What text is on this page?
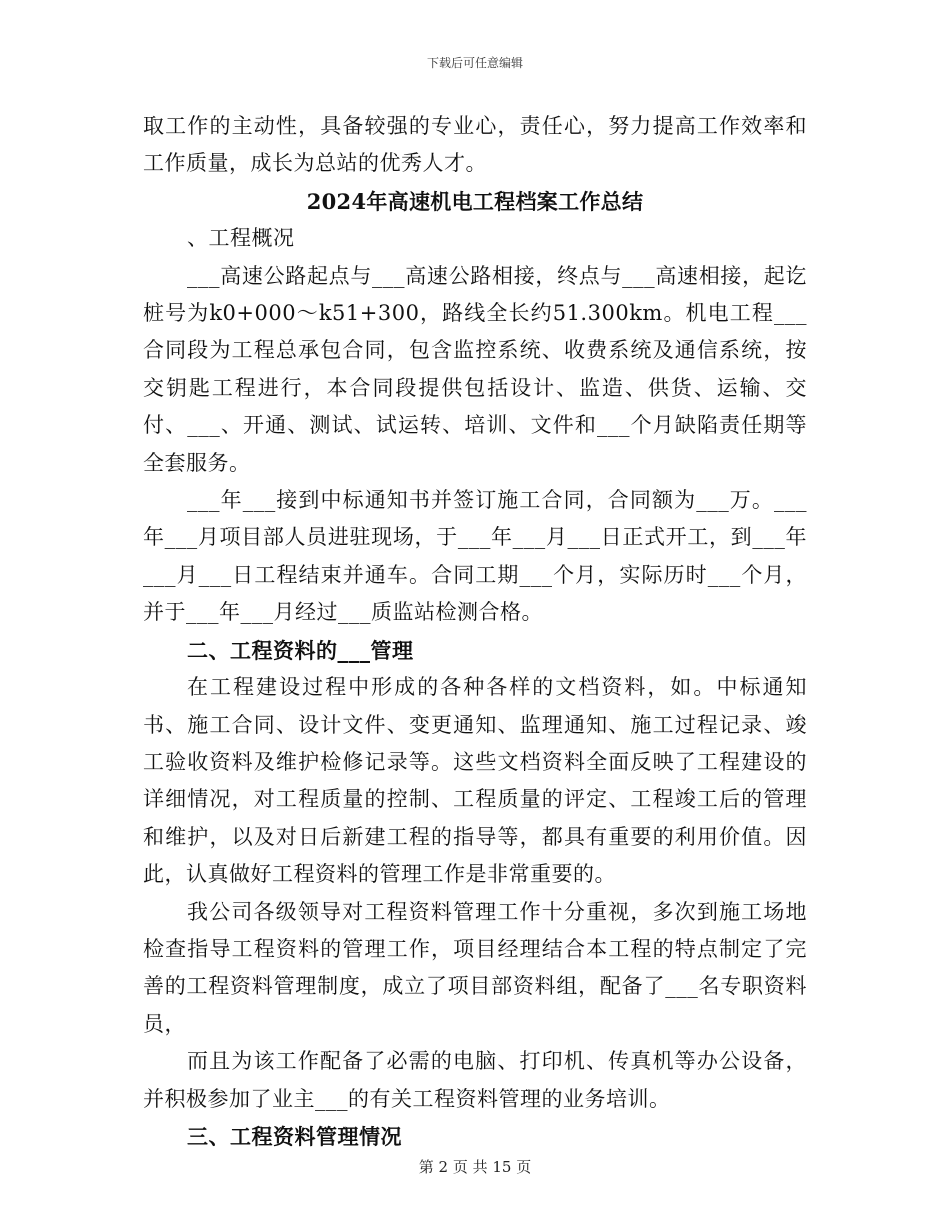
下载后可任意编辑

取工作的主动性，具备较强的专业心，责任心，努力提高工作效率和工作质量，成长为总站的优秀人才。

2024年高速机电工程档案工作总结

、工程概况

___高速公路起点与___高速公路相接，终点与___高速相接，起讫桩号为k0+000～k51+300，路线全长约51.300km。机电工程___合同段为工程总承包合同，包含监控系统、收费系统及通信系统，按交钥匙工程进行，本合同段提供包括设计、监造、供货、运输、交付、___、开通、测试、试运转、培训、文件和___个月缺陷责任期等全套服务。

___年___接到中标通知书并签订施工合同，合同额为___万。___年___月项目部人员进驻现场，于___年___月___日正式开工，到___年___月___日工程结束并通车。合同工期___个月，实际历时___个月，并于___年___月经过___质监站检测合格。

二、工程资料的___管理

在工程建设过程中形成的各种各样的文档资料，如。中标通知书、施工合同、设计文件、变更通知、监理通知、施工过程记录、竣工验收资料及维护检修记录等。这些文档资料全面反映了工程建设的详细情况，对工程质量的控制、工程质量的评定、工程竣工后的管理和维护，以及对日后新建工程的指导等，都具有重要的利用价值。因此，认真做好工程资料的管理工作是非常重要的。

我公司各级领导对工程资料管理工作十分重视，多次到施工场地检查指导工程资料的管理工作，项目经理结合本工程的特点制定了完善的工程资料管理制度，成立了项目部资料组，配备了___名专职资料员，

而且为该工作配备了必需的电脑、打印机、传真机等办公设备，并积极参加了业主___的有关工程资料管理的业务培训。

三、工程资料管理情况

第 2 页 共 15 页
